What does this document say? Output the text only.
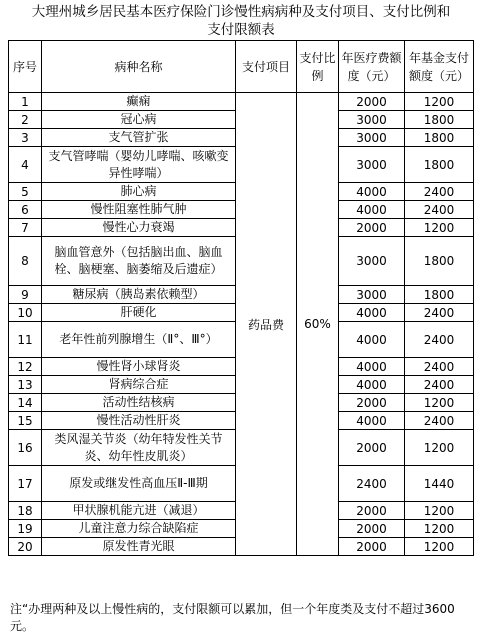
大理州城乡居民基本医疗保险门诊慢性病病种及支付项目、支付比例和
支付限额表
序号	病种名称	支付项目	支付比例	年医疗费额度（元）	年基金支付额度（元）
1	癫痫	药品费	60%	2000	1200
2	冠心病			3000	1800
3	支气管扩张			3000	1800
4	支气管哮喘（婴幼儿哮喘、咳嗽变异性哮喘）			3000	1800
5	肺心病			4000	2400
6	慢性阻塞性肺气肿			4000	2400
7	慢性心力衰竭			2000	1200
8	脑血管意外（包括脑出血、脑血栓、脑梗塞、脑萎缩及后遗症）			3000	1800
9	糖尿病（胰岛素依赖型）			3000	1800
10	肝硬化			4000	2400
11	老年性前列腺增生（Ⅱ°、Ⅲ°）			4000	2400
12	慢性肾小球肾炎			4000	2400
13	肾病综合症			4000	2400
14	活动性结核病			2000	1200
15	慢性活动性肝炎			4000	2400
16	类风湿关节炎（幼年特发性关节炎、幼年性皮肌炎）			2000	1200
17	原发或继发性高血压Ⅱ-Ⅲ期			2400	1440
18	甲状腺机能亢进（减退）			2000	1200
19	儿童注意力综合缺陷症			2000	1200
20	原发性青光眼			2000	1200
注“办理两种及以上慢性病的，支付限额可以累加，但一个年度类及支付不超过3600元。
